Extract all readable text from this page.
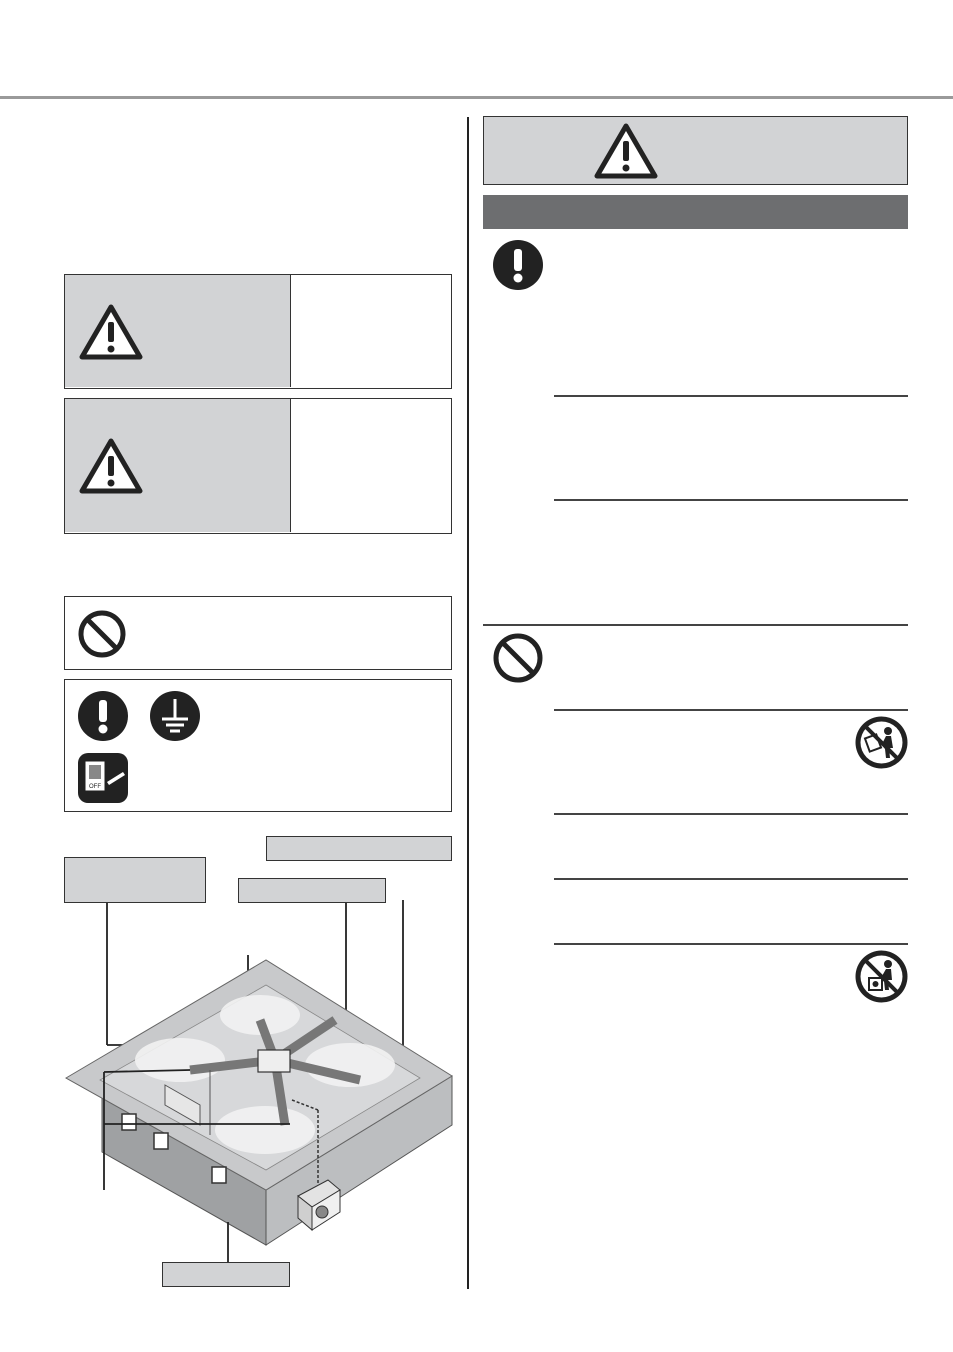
OFF
